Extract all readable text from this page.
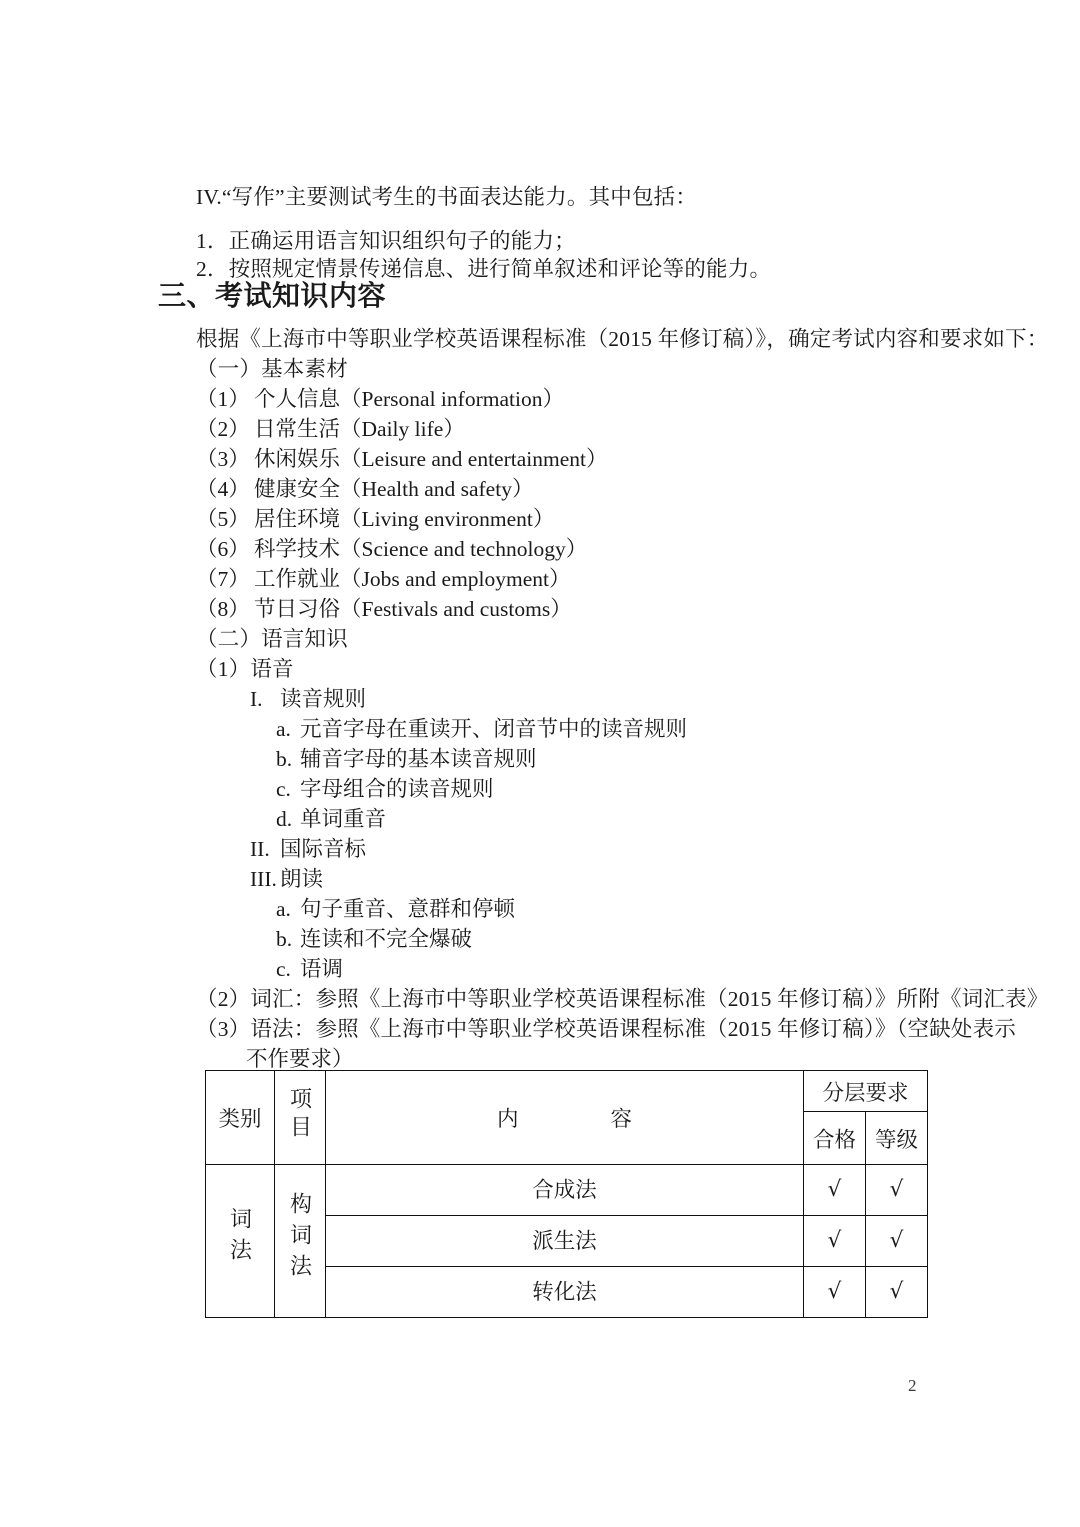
IV.“写作”主要测试考生的书面表达能力。其中包括：
1．正确运用语言知识组织句子的能力；
2．按照规定情景传递信息、进行简单叙述和评论等的能力。
三、考试知识内容
根据《上海市中等职业学校英语课程标准（2015 年修订稿）》，确定考试内容和要求如下：
（一）基本素材
（1） 个人信息（Personal information）
（2） 日常生活（Daily life）
（3） 休闲娱乐（Leisure and entertainment）
（4） 健康安全（Health and safety）
（5） 居住环境（Living environment）
（6） 科学技术（Science and technology）
（7） 工作就业（Jobs and employment）
（8） 节日习俗（Festivals and customs）
（二）语言知识
（1）语音
I. 读音规则
a. 元音字母在重读开、闭音节中的读音规则
b. 辅音字母的基本读音规则
c. 字母组合的读音规则
d. 单词重音
II. 国际音标
III. 朗读
a. 句子重音、意群和停顿
b. 连读和不完全爆破
c. 语调
（2）词汇：参照《上海市中等职业学校英语课程标准（2015 年修订稿）》所附《词汇表》
（3）语法：参照《上海市中等职业学校英语课程标准（2015 年修订稿）》（空缺处表示
不作要求）
类别	项目	内 容	分层要求	
			合格	等级
词法	构词法	合成法	√	√
		派生法	√	√
		转化法	√	√
2
